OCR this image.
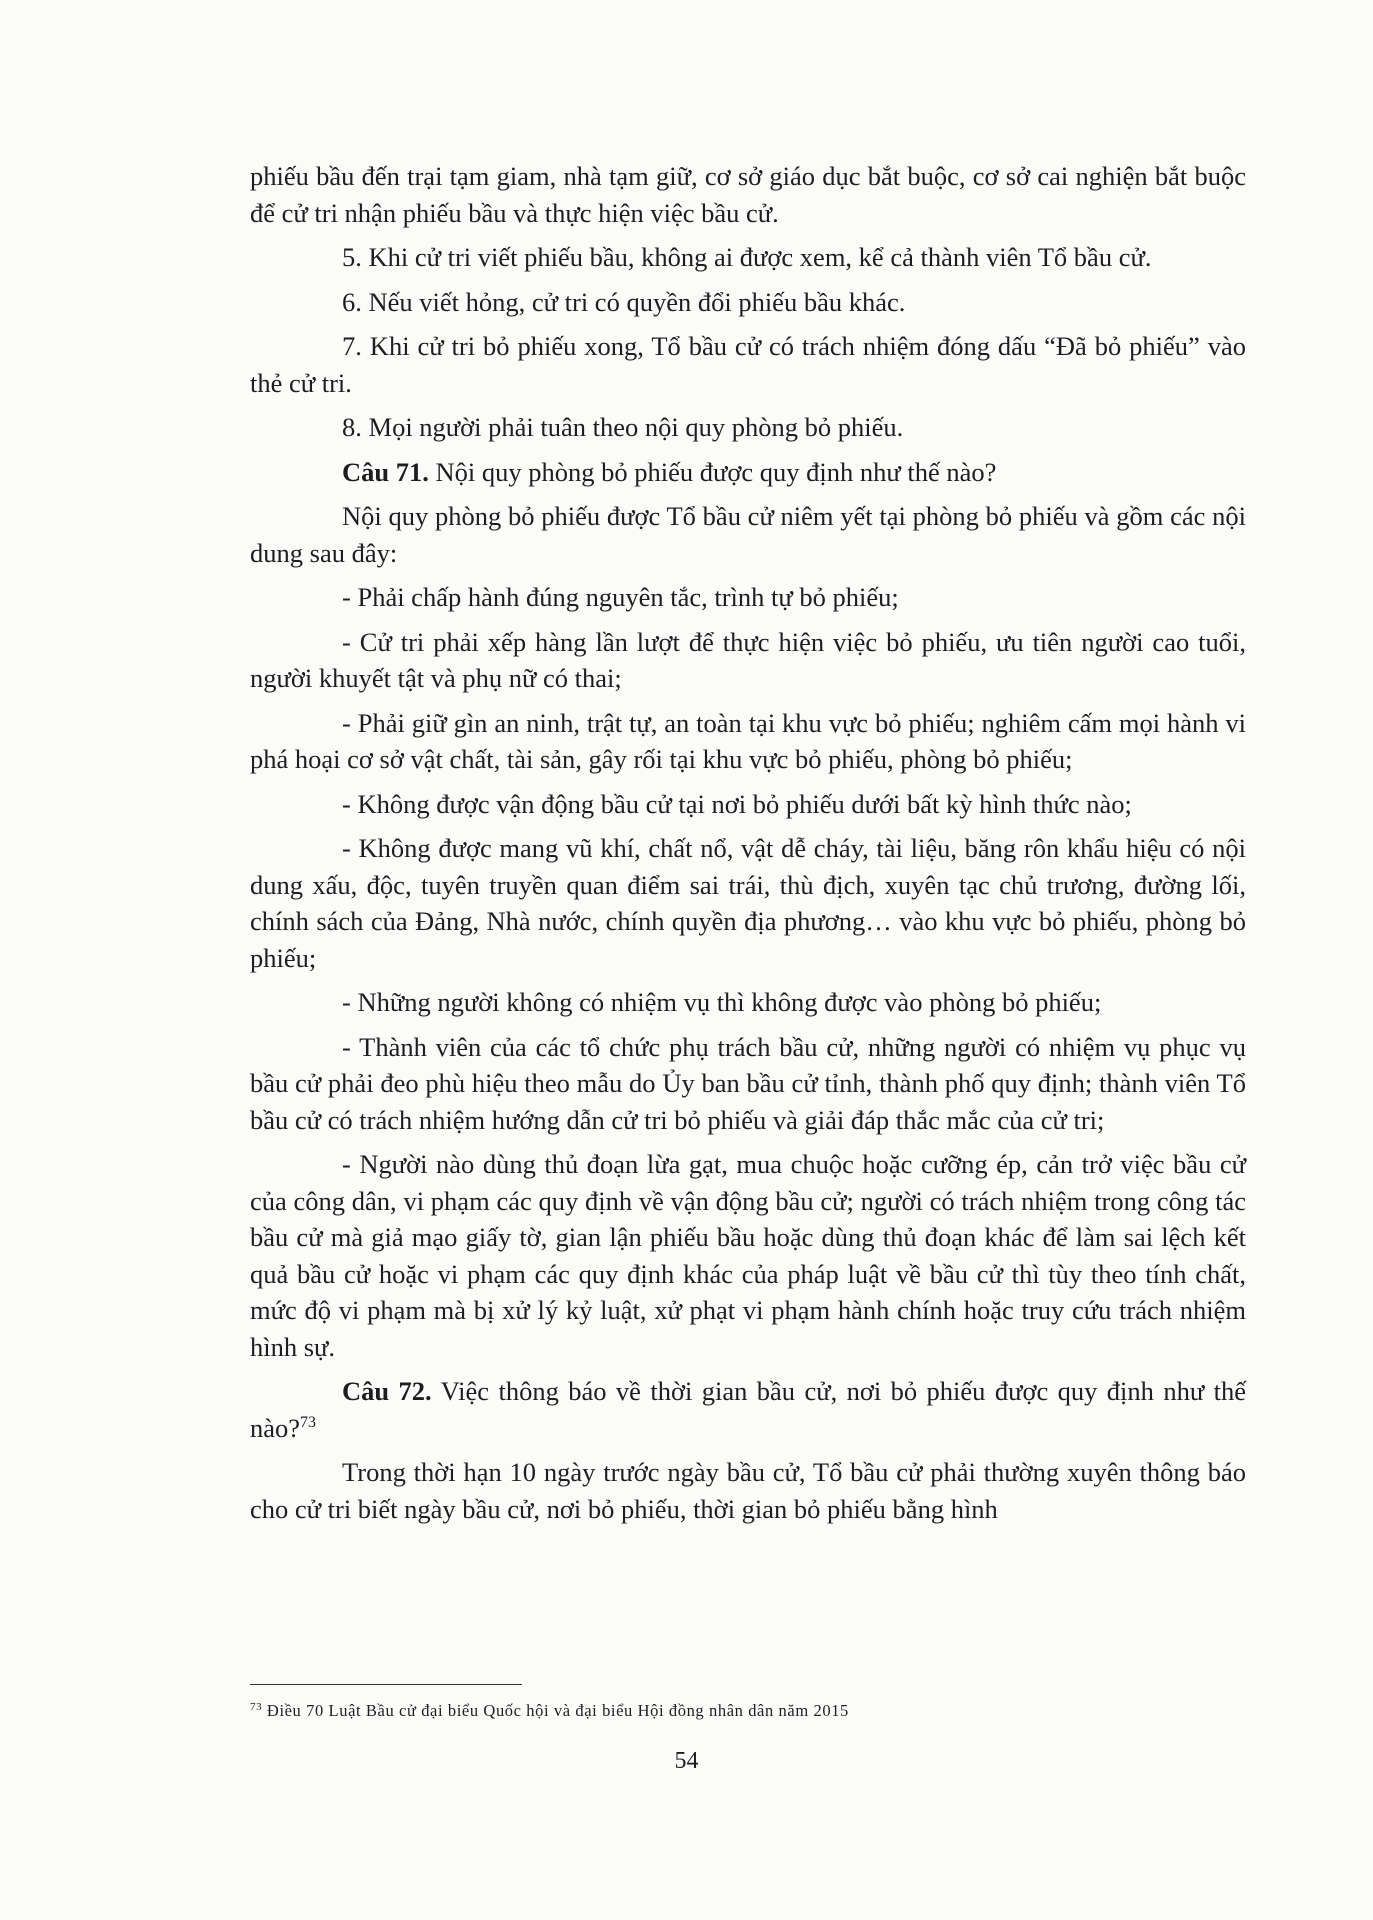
phiếu bầu đến trại tạm giam, nhà tạm giữ, cơ sở giáo dục bắt buộc, cơ sở cai nghiện bắt buộc để cử tri nhận phiếu bầu và thực hiện việc bầu cử.

5. Khi cử tri viết phiếu bầu, không ai được xem, kể cả thành viên Tổ bầu cử.

6. Nếu viết hỏng, cử tri có quyền đổi phiếu bầu khác.

7. Khi cử tri bỏ phiếu xong, Tổ bầu cử có trách nhiệm đóng dấu “Đã bỏ phiếu” vào thẻ cử tri.

8. Mọi người phải tuân theo nội quy phòng bỏ phiếu.

Câu 71. Nội quy phòng bỏ phiếu được quy định như thế nào?

Nội quy phòng bỏ phiếu được Tổ bầu cử niêm yết tại phòng bỏ phiếu và gồm các nội dung sau đây:

- Phải chấp hành đúng nguyên tắc, trình tự bỏ phiếu;

- Cử tri phải xếp hàng lần lượt để thực hiện việc bỏ phiếu, ưu tiên người cao tuổi, người khuyết tật và phụ nữ có thai;

- Phải giữ gìn an ninh, trật tự, an toàn tại khu vực bỏ phiếu; nghiêm cấm mọi hành vi phá hoại cơ sở vật chất, tài sản, gây rối tại khu vực bỏ phiếu, phòng bỏ phiếu;

- Không được vận động bầu cử tại nơi bỏ phiếu dưới bất kỳ hình thức nào;

- Không được mang vũ khí, chất nổ, vật dễ cháy, tài liệu, băng rôn khẩu hiệu có nội dung xấu, độc, tuyên truyền quan điểm sai trái, thù địch, xuyên tạc chủ trương, đường lối, chính sách của Đảng, Nhà nước, chính quyền địa phương… vào khu vực bỏ phiếu, phòng bỏ phiếu;

- Những người không có nhiệm vụ thì không được vào phòng bỏ phiếu;

- Thành viên của các tổ chức phụ trách bầu cử, những người có nhiệm vụ phục vụ bầu cử phải đeo phù hiệu theo mẫu do Ủy ban bầu cử tỉnh, thành phố quy định; thành viên Tổ bầu cử có trách nhiệm hướng dẫn cử tri bỏ phiếu và giải đáp thắc mắc của cử tri;

- Người nào dùng thủ đoạn lừa gạt, mua chuộc hoặc cưỡng ép, cản trở việc bầu cử của công dân, vi phạm các quy định về vận động bầu cử; người có trách nhiệm trong công tác bầu cử mà giả mạo giấy tờ, gian lận phiếu bầu hoặc dùng thủ đoạn khác để làm sai lệch kết quả bầu cử hoặc vi phạm các quy định khác của pháp luật về bầu cử thì tùy theo tính chất, mức độ vi phạm mà bị xử lý kỷ luật, xử phạt vi phạm hành chính hoặc truy cứu trách nhiệm hình sự.

Câu 72. Việc thông báo về thời gian bầu cử, nơi bỏ phiếu được quy định như thế nào?$^{73}$

Trong thời hạn 10 ngày trước ngày bầu cử, Tổ bầu cử phải thường xuyên thông báo cho cử tri biết ngày bầu cử, nơi bỏ phiếu, thời gian bỏ phiếu bằng hình

$^{73}$ Điều 70 Luật Bầu cử đại biểu Quốc hội và đại biểu Hội đồng nhân dân năm 2015
54
